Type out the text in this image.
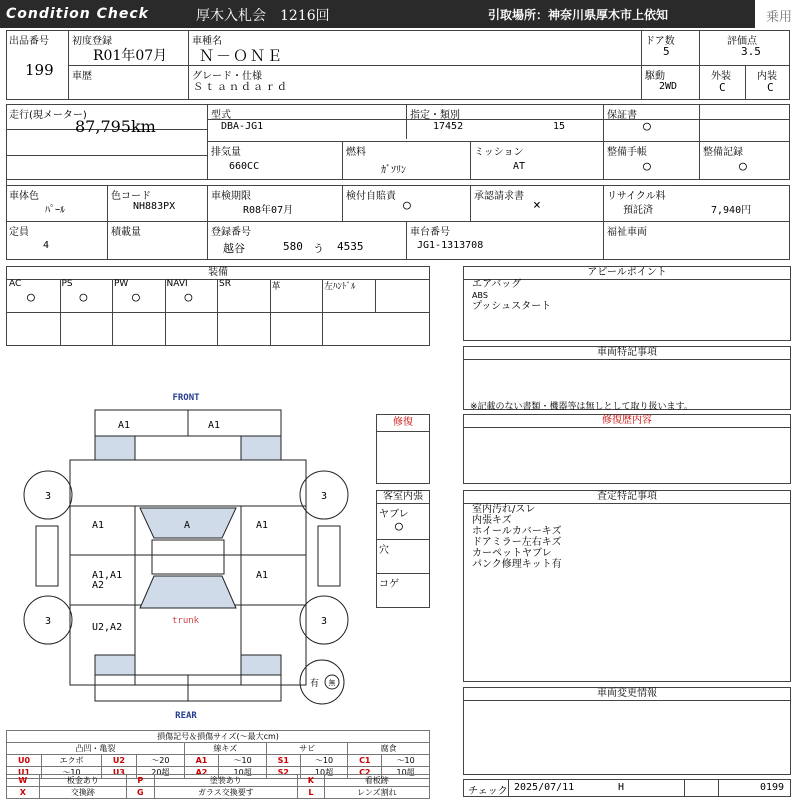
Condition Check	厚木入札会　1216回	引取場所：神奈川県厚木市上依知	乗用
出品番号
199
初度登録
R01年07月
車種名
Ｎ－ＯＮＥ
ドア数
5
評価点
3.5
車歴	グレード・仕様
Ｓｔａｎｄａｒｄ
駆動
2WD
外装
C
内装
C
走行(現メーター)
87,795km
型式
DBA-JG1
指定・類別
17452	15
保証書
○
排気量
660CC
燃料
ｶﾞｿﾘﾝ
ミッション
AT
整備手帳
○
整備記録
○
車体色
ﾊﾟｰﾙ
色コード
NH883PX
車検期限
R08年07月
検付自賠責
○
承認請求書
×
リサイクル料
預託済	7,940円
定員
4
積載量	登録番号
越谷	580 う 4535
車台番号
JG1-1313708
福祉車両
装備
AC
○
PS
○
PW
○
NAVI
○
SR	革	左ﾊﾝﾄﾞﾙ
アピールポイント
エアバッグ
ABS
プッシュスタート
車両特記事項
※記載のない書類・機器等は無しとして取り扱います。
修復歴内容
査定特記事項
室内汚れ/スレ
内張キズ
ホイールカバーキズ
ドアミラー左右キズ
カーペットヤブレ
パンク修理キット有
車両変更情報
チェック 2025/07/11	H	0199
修復
客室内張
ヤブレ
○
穴
コゲ
FRONT
REAR
A1	A1
3	3
A1	A	A1
A1,A1
A2
A1
3	3
U2,A2
trunk
有 無
損傷記号＆損傷サイズ(～最大cm)									
凸凹・亀裂				線キズ		サビ		腐食	
U0	エクボ	U2	～20	A1	～10	S1	～10	C1	～10
U1	～10	U3	20超	A2	10超	S2	10超	C2	10超
W	板金あり	P	塗装あり	K	看板跡
X	交換跡	G	ガラス交換要す	L	レンズ割れ
